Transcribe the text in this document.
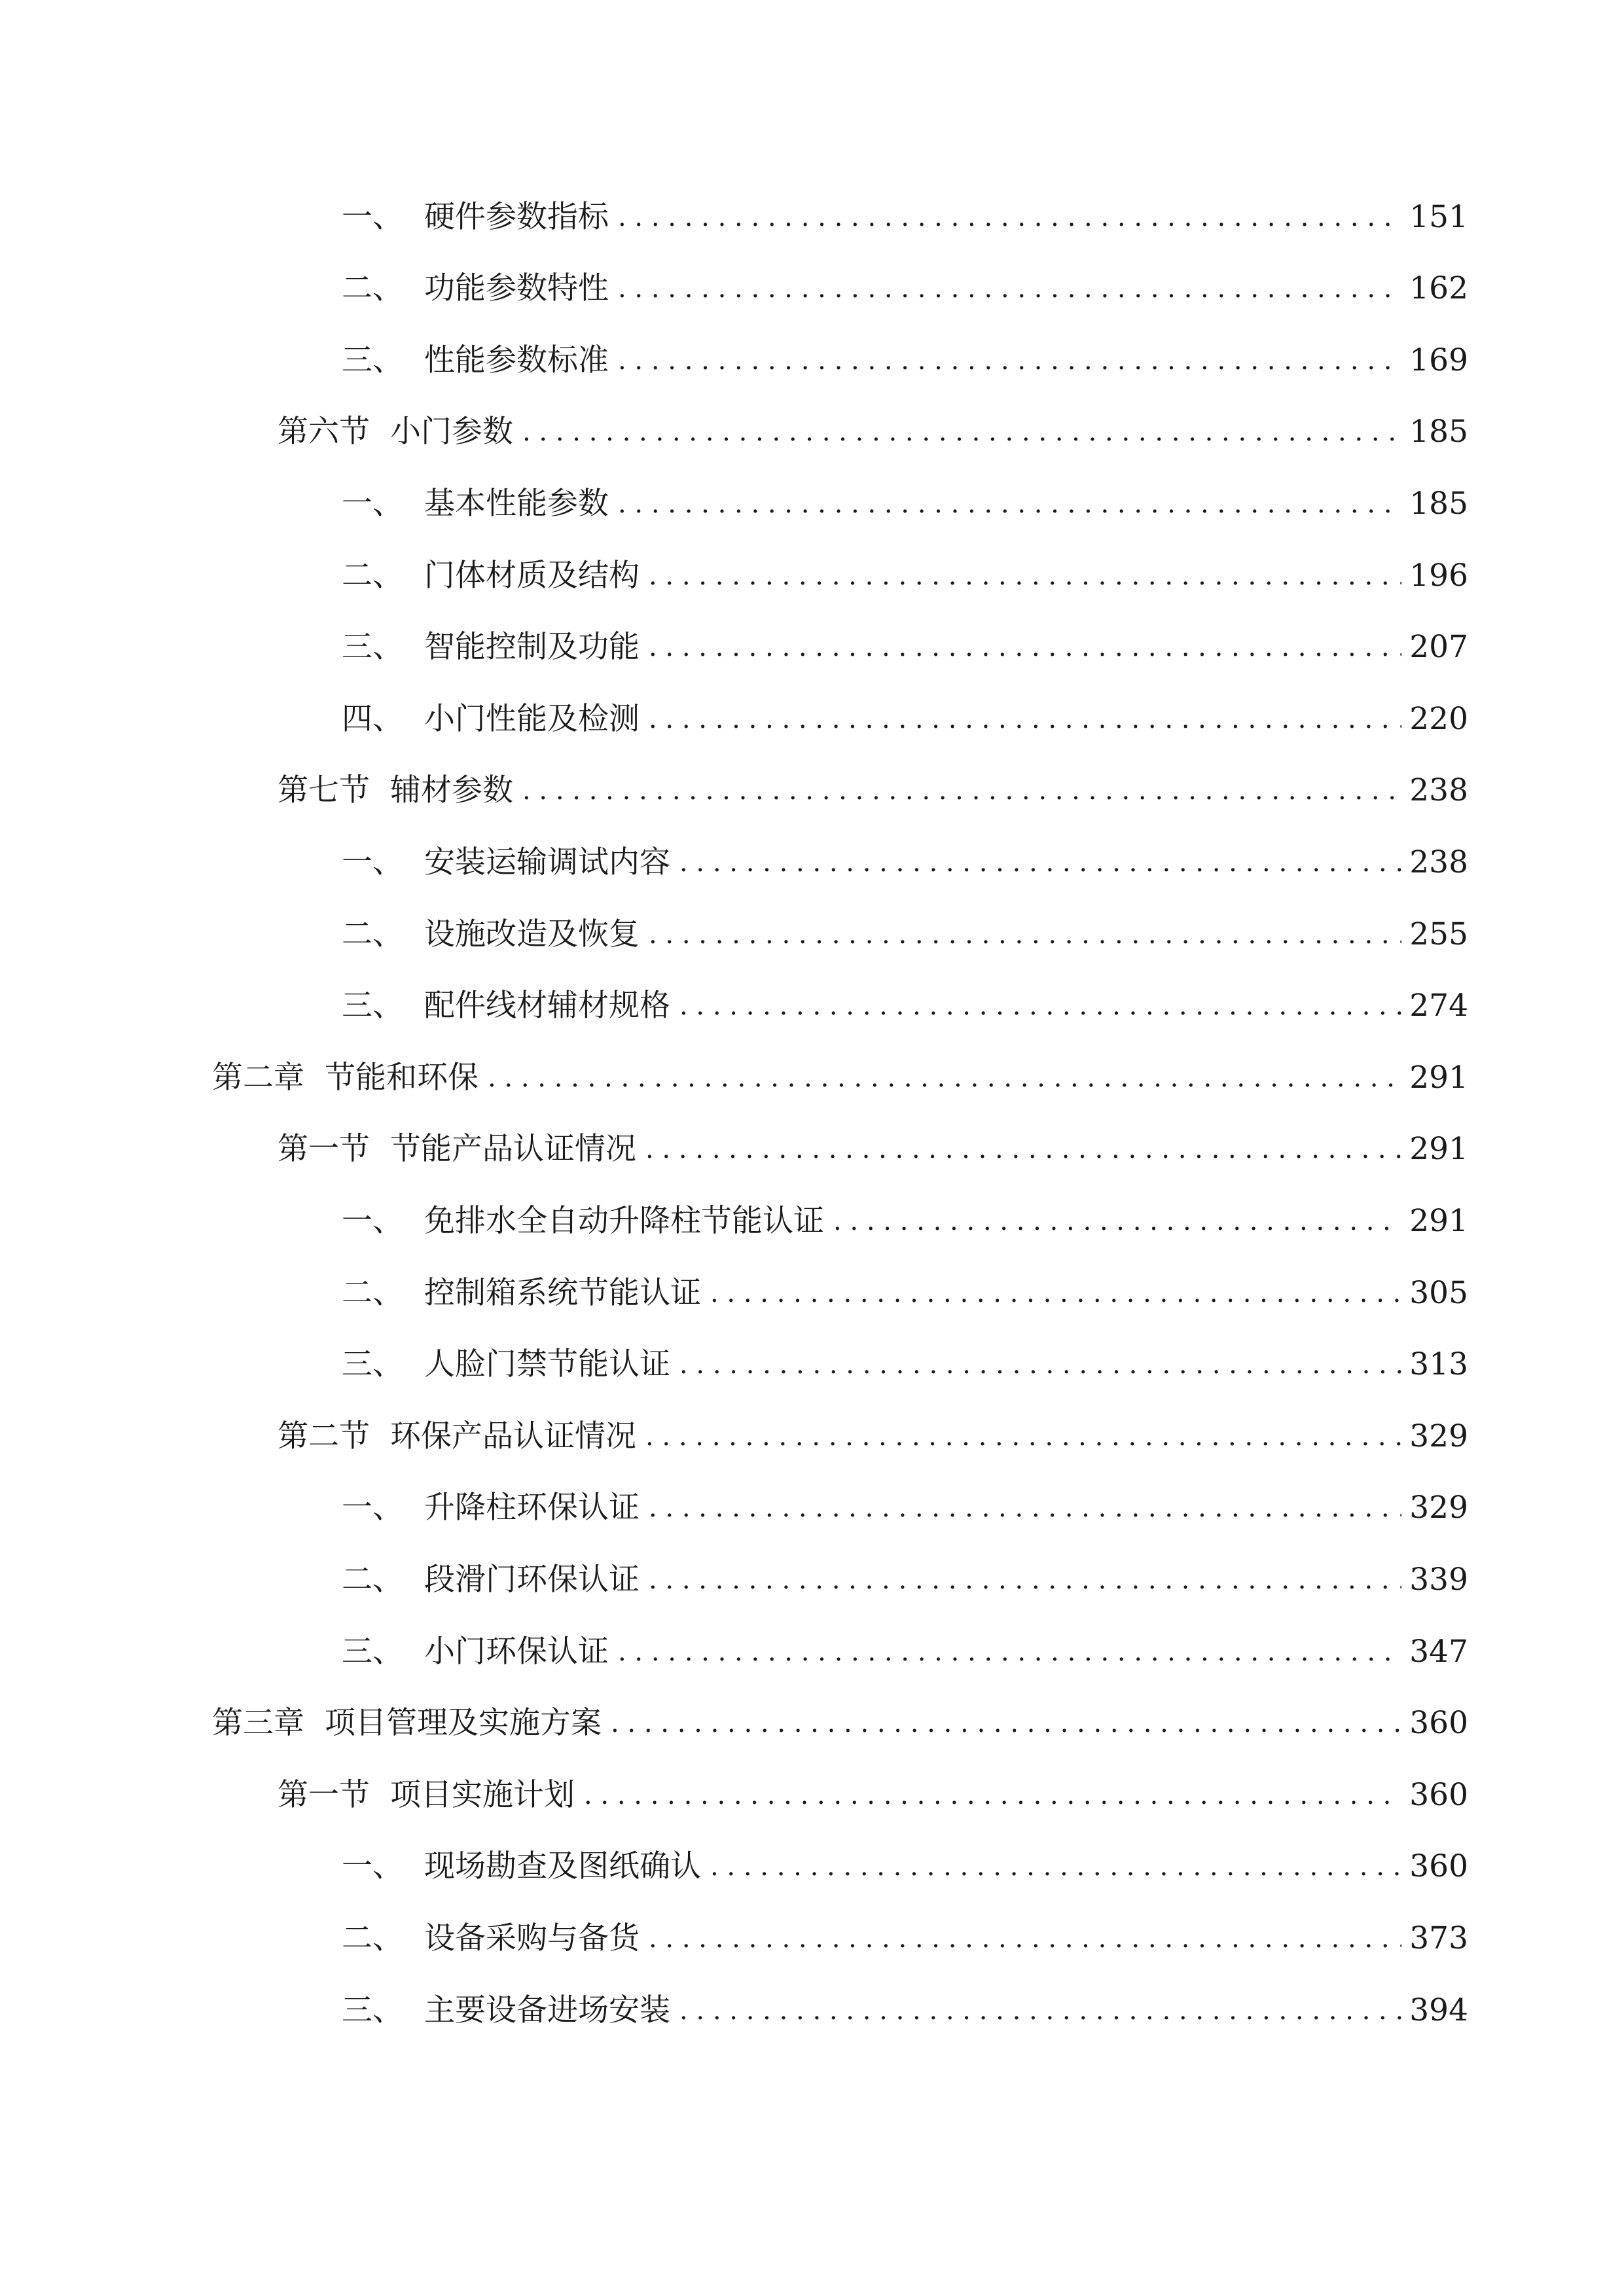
一、 硬件参数指标 . . .	151
二、 功能参数特性 . . .	162
三、 性能参数标准 . . .	169
第六节 小门参数 . . .	185
一、 基本性能参数 . . .	185
二、 门体材质及结构 . . .	196
三、 智能控制及功能 . . .	207
四、 小门性能及检测 . . .	220
第七节 辅材参数 . . .	238
一、 安装运输调试内容 . . .	238
二、 设施改造及恢复 . . .	255
三、 配件线材辅材规格 . . .	274
第二章 节能和环保 . . .	291
第一节 节能产品认证情况 . . .	291
一、 免排水全自动升降柱节能认证 . . .	291
二、 控制箱系统节能认证 . . .	305
三、 人脸门禁节能认证 . . .	313
第二节 环保产品认证情况 . . .	329
一、 升降柱环保认证 . . .	329
二、 段滑门环保认证 . . .	339
三、 小门环保认证 . . .	347
第三章 项目管理及实施方案 . . .	360
第一节 项目实施计划 . . .	360
一、 现场勘查及图纸确认 . . .	360
二、 设备采购与备货 . . .	373
三、 主要设备进场安装 . . .	394
